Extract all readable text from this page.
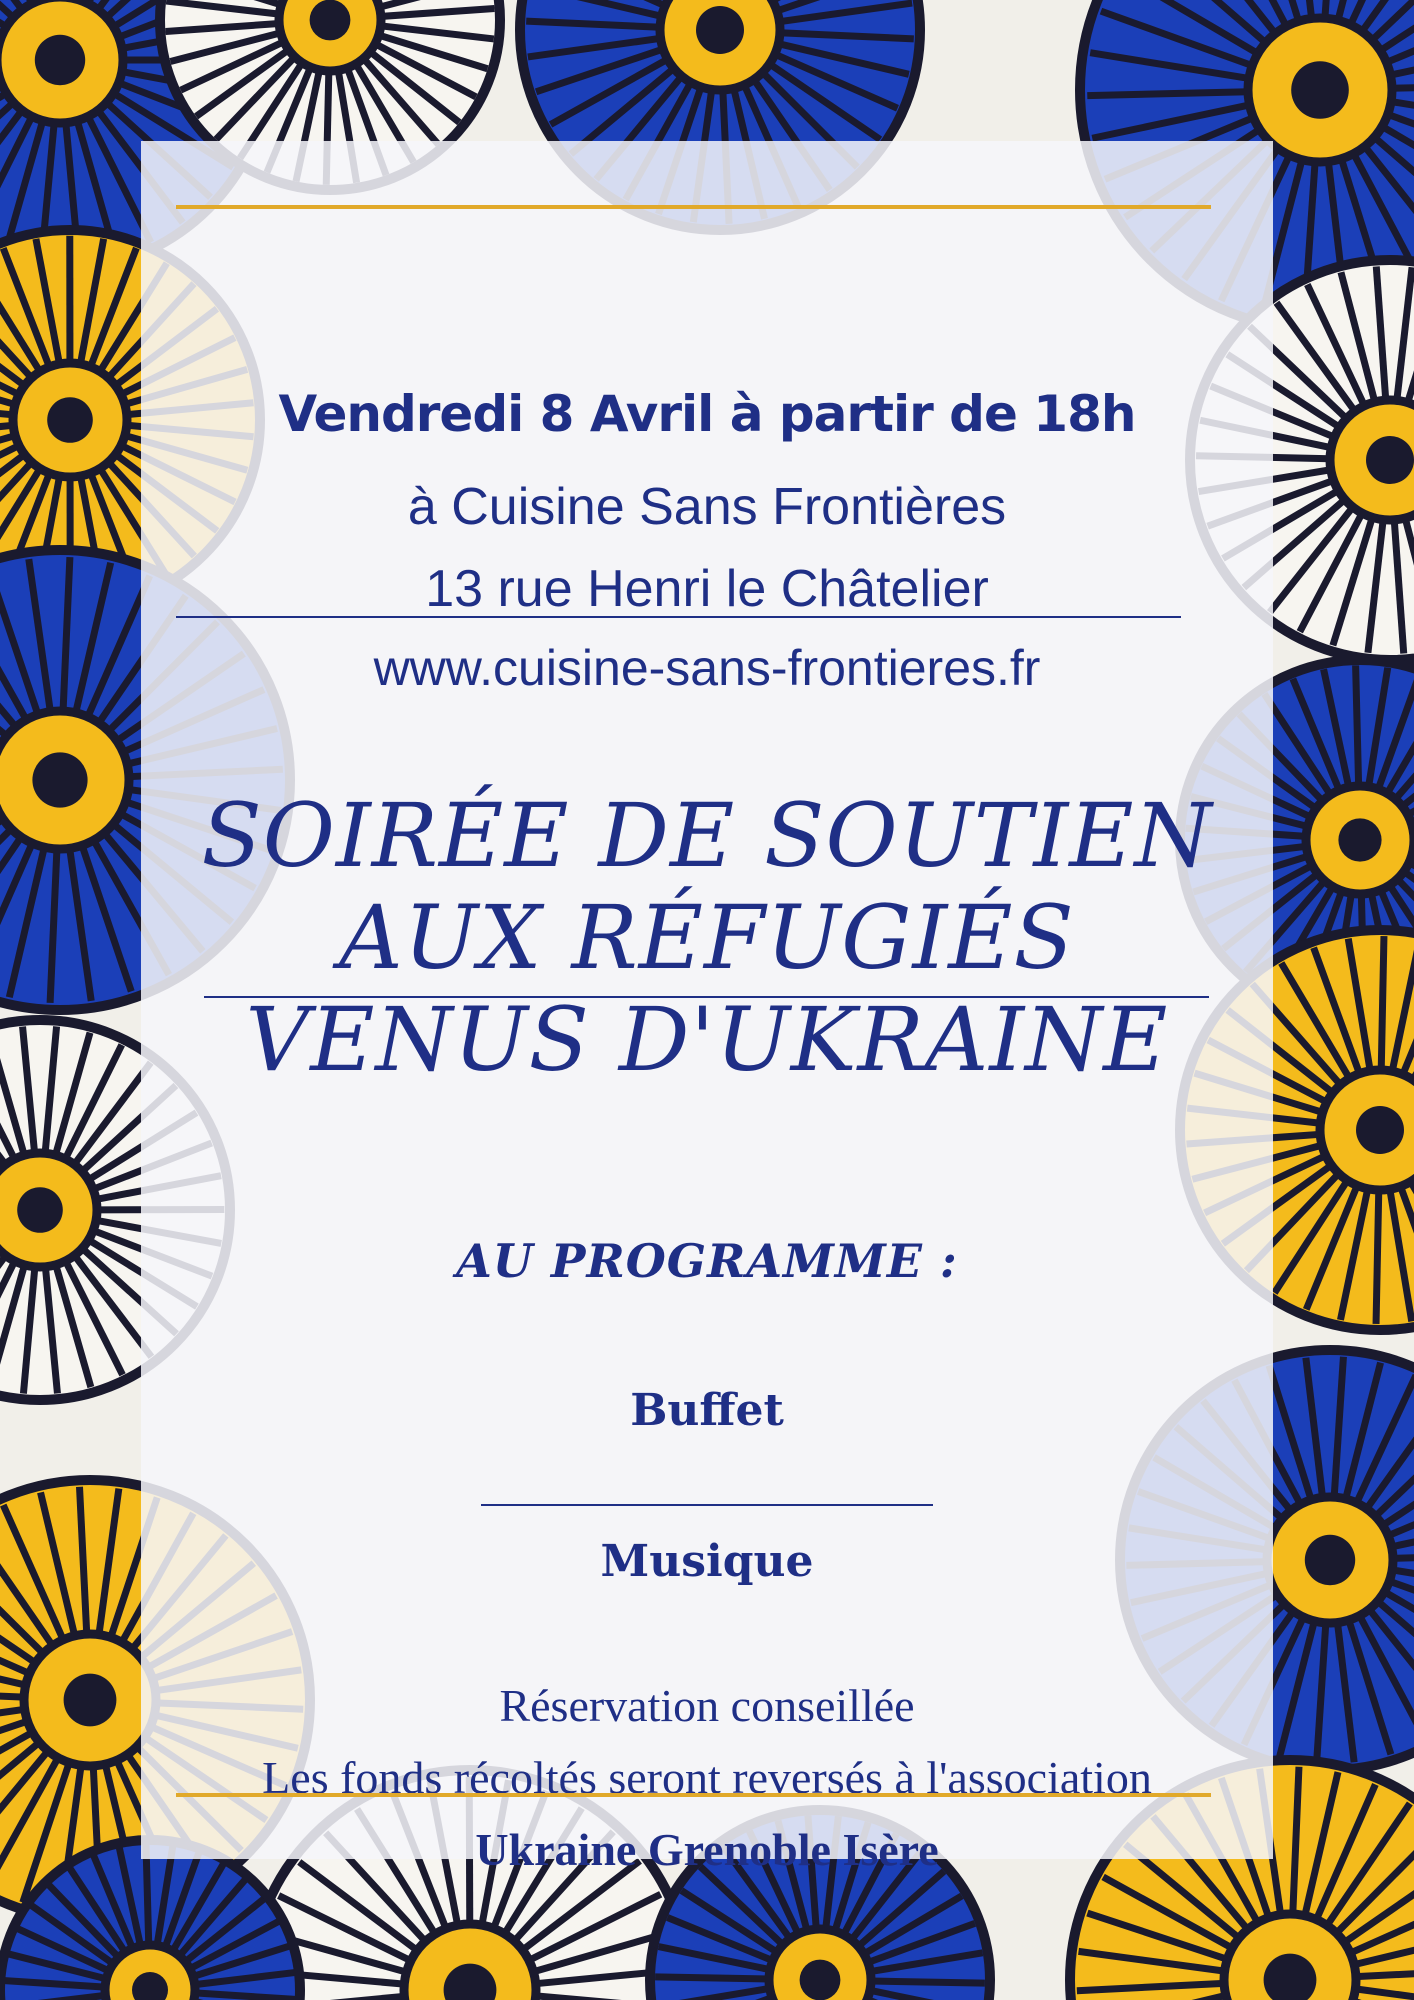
Vendredi 8 Avril à partir de 18h
à Cuisine Sans Frontières
13 rue Henri le Châtelier
www.cuisine-sans-frontieres.fr
SOIRÉE DE SOUTIEN
AUX RÉFUGIÉS
VENUS D'UKRAINE
AU PROGRAMME :
Buffet
Musique
Réservation conseillée
Les fonds récoltés seront reversés à l'association
Ukraine Grenoble Isère
